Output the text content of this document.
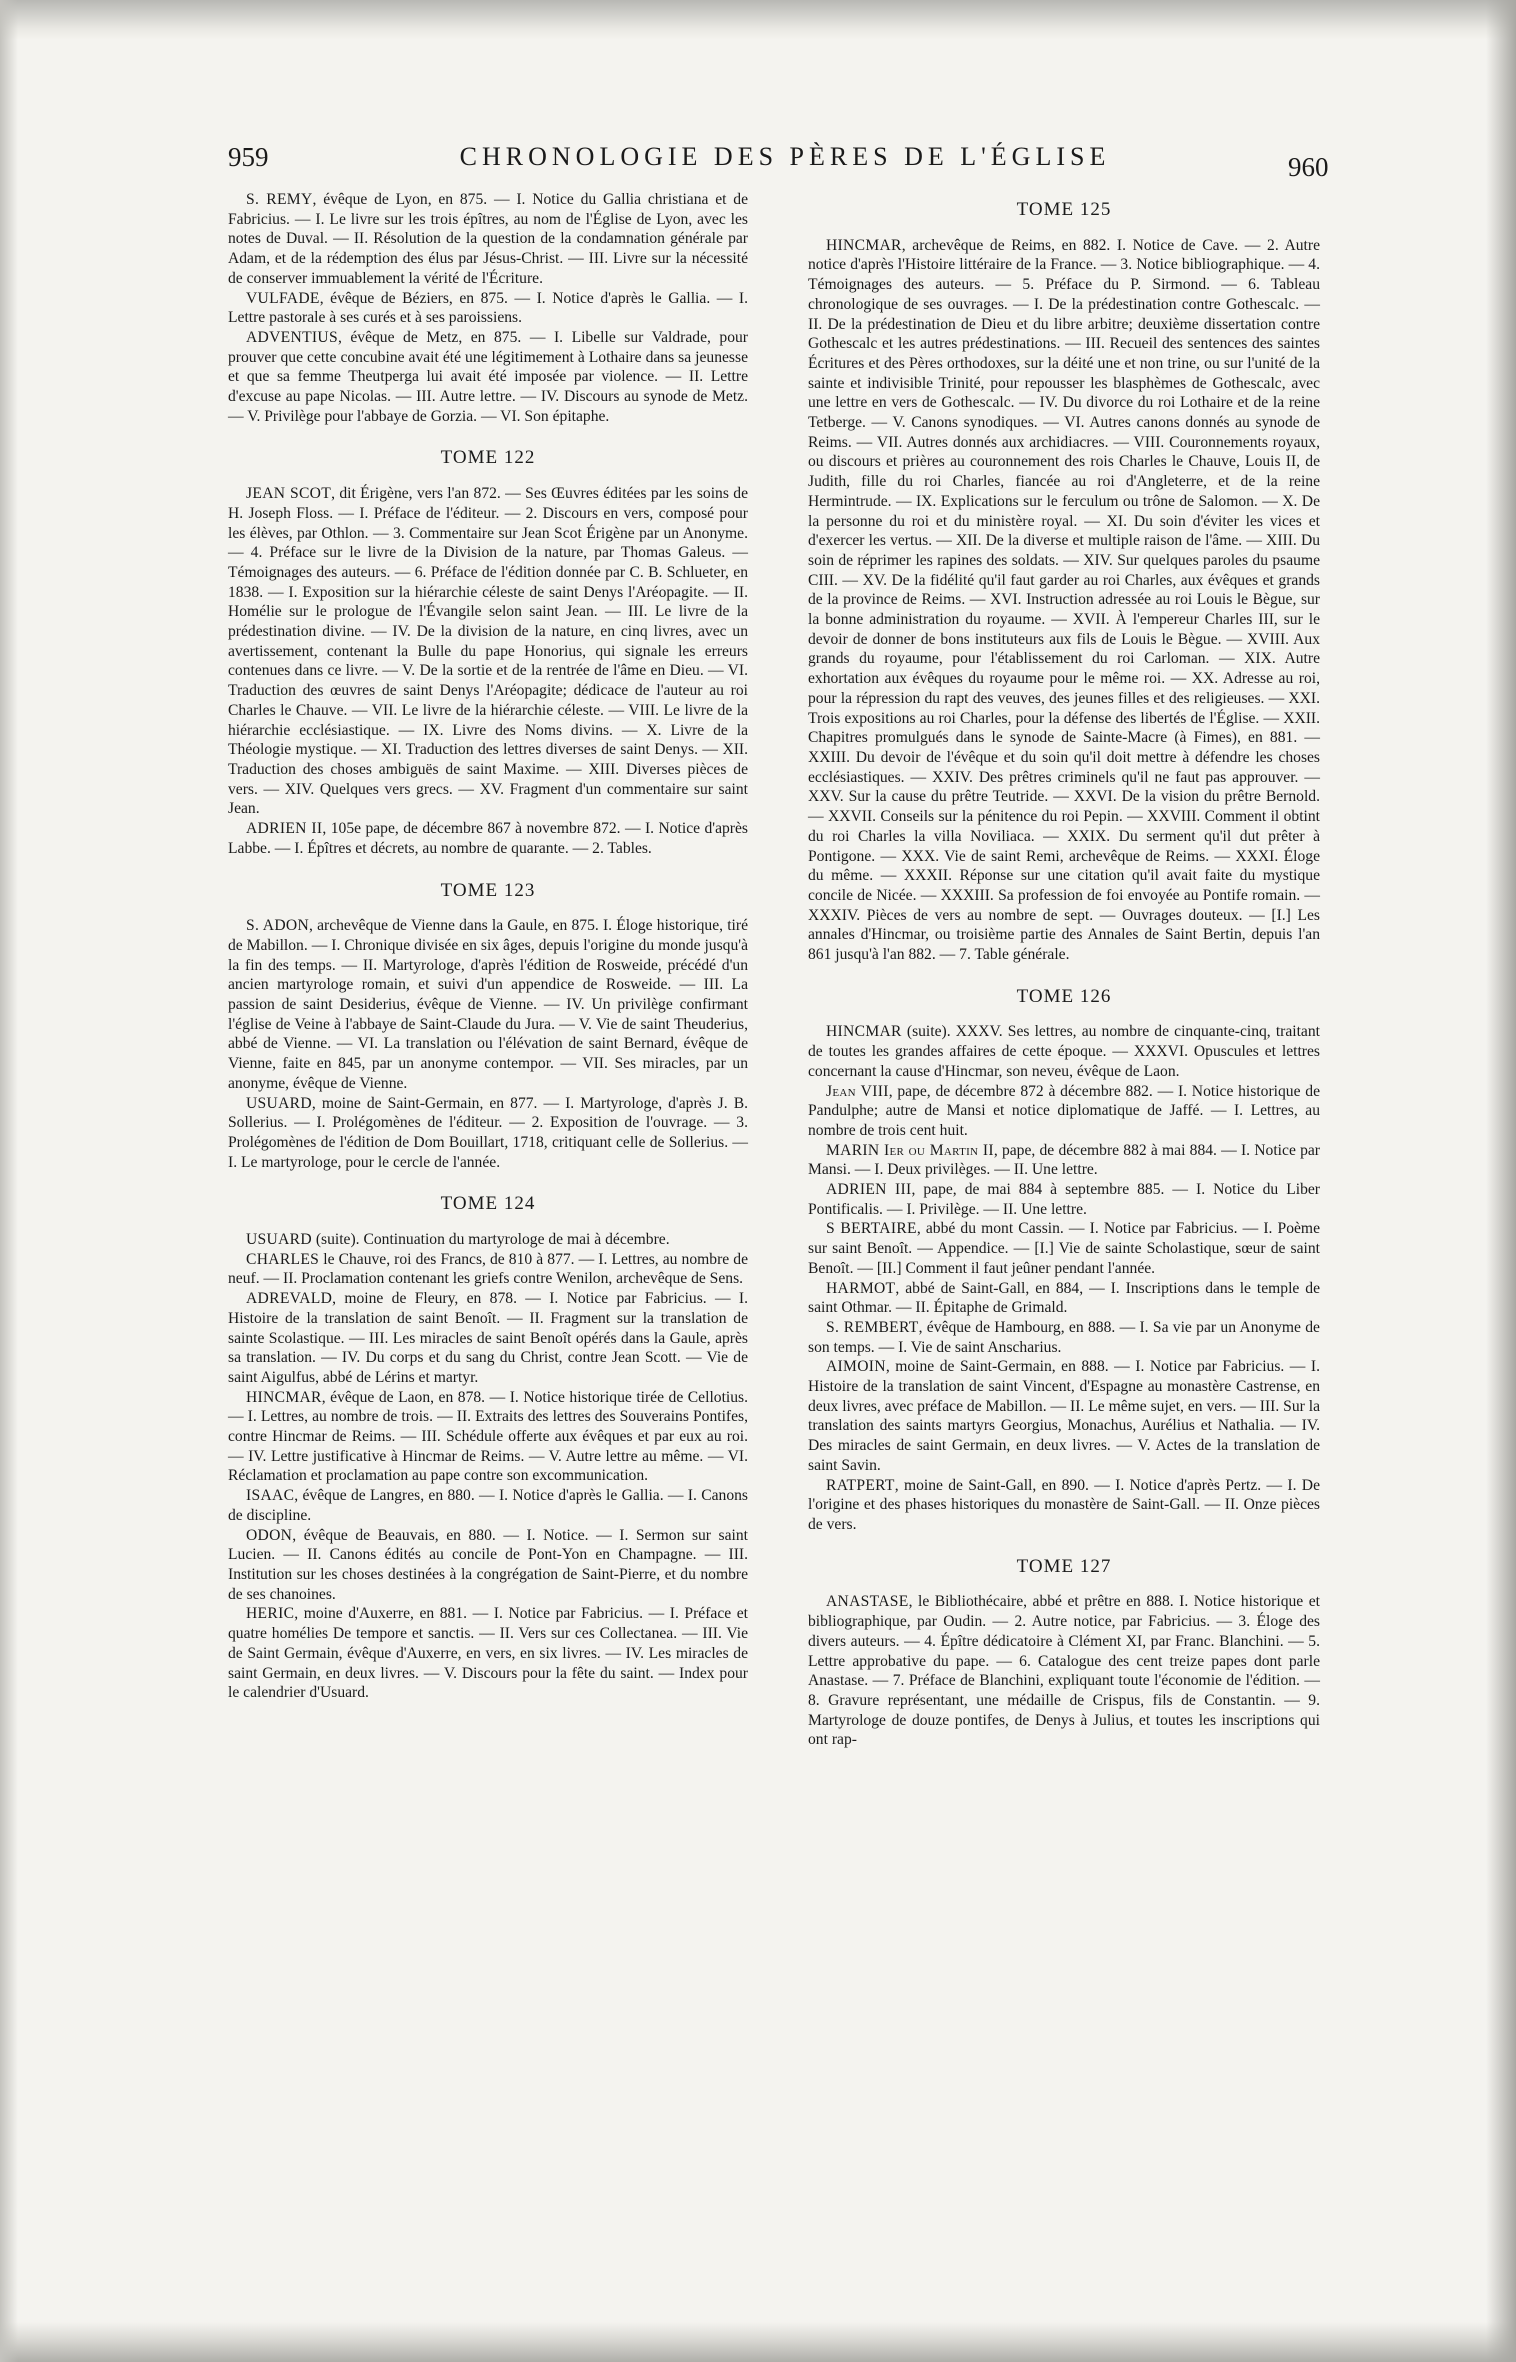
959	CHRONOLOGIE DES PÈRES DE L'ÉGLISE	960

S. REMY, évêque de Lyon, en 875. — I. Notice du Gallia christiana et de Fabricius. — I. Le livre sur les trois épîtres, au nom de l'Église de Lyon, avec les notes de Duval. — II. Résolution de la question de la condamnation générale par Adam, et de la rédemption des élus par Jésus-Christ. — III. Livre sur la nécessité de conserver immuablement la vérité de l'Écriture.

VULFADE, évêque de Béziers, en 875. — I. Notice d'après le Gallia. — I. Lettre pastorale à ses curés et à ses paroissiens.

ADVENTIUS, évêque de Metz, en 875. — I. Libelle sur Valdrade, pour prouver que cette concubine avait été une légitimement à Lothaire dans sa jeunesse et que sa femme Theutperga lui avait été imposée par violence. — II. Lettre d'excuse au pape Nicolas. — III. Autre lettre. — IV. Discours au synode de Metz. — V. Privilège pour l'abbaye de Gorzia. — VI. Son épitaphe.

TOME 122

JEAN SCOT, dit Érigène, vers l'an 872. — Ses Œuvres éditées par les soins de H. Joseph Floss. — I. Préface de l'éditeur. — 2. Discours en vers, composé pour les élèves, par Othlon. — 3. Commentaire sur Jean Scot Érigène par un Anonyme. — 4. Préface sur le livre de la Division de la nature, par Thomas Galeus. — Témoignages des auteurs. — 6. Préface de l'édition donnée par C. B. Schlueter, en 1838. — I. Exposition sur la hiérarchie céleste de saint Denys l'Aréopagite. — II. Homélie sur le prologue de l'Évangile selon saint Jean. — III. Le livre de la prédestination divine. — IV. De la division de la nature, en cinq livres, avec un avertissement, contenant la Bulle du pape Honorius, qui signale les erreurs contenues dans ce livre. — V. De la sortie et de la rentrée de l'âme en Dieu. — VI. Traduction des œuvres de saint Denys l'Aréopagite; dédicace de l'auteur au roi Charles le Chauve. — VII. Le livre de la hiérarchie céleste. — VIII. Le livre de la hiérarchie ecclésiastique. — IX. Livre des Noms divins. — X. Livre de la Théologie mystique. — XI. Traduction des lettres diverses de saint Denys. — XII. Traduction des choses ambiguës de saint Maxime. — XIII. Diverses pièces de vers. — XIV. Quelques vers grecs. — XV. Fragment d'un commentaire sur saint Jean.

ADRIEN II, 105e pape, de décembre 867 à novembre 872. — I. Notice d'après Labbe. — I. Épîtres et décrets, au nombre de quarante. — 2. Tables.

TOME 123

S. ADON, archevêque de Vienne dans la Gaule, en 875. I. Éloge historique, tiré de Mabillon. — I. Chronique divisée en six âges, depuis l'origine du monde jusqu'à la fin des temps. — II. Martyrologe, d'après l'édition de Rosweide, précédé d'un ancien martyrologe romain, et suivi d'un appendice de Rosweide. — III. La passion de saint Desiderius, évêque de Vienne. — IV. Un privilège confirmant l'église de Veine à l'abbaye de Saint-Claude du Jura. — V. Vie de saint Theuderius, abbé de Vienne. — VI. La translation ou l'élévation de saint Bernard, évêque de Vienne, faite en 845, par un anonyme contempor. — VII. Ses miracles, par un anonyme, évêque de Vienne.

USUARD, moine de Saint-Germain, en 877. — I. Martyrologe, d'après J. B. Sollerius. — I. Prolégomènes de l'éditeur. — 2. Exposition de l'ouvrage. — 3. Prolégomènes de l'édition de Dom Bouillart, 1718, critiquant celle de Sollerius. — I. Le martyrologe, pour le cercle de l'année.

TOME 124

USUARD (suite). Continuation du martyrologe de mai à décembre.

CHARLES le Chauve, roi des Francs, de 810 à 877. — I. Lettres, au nombre de neuf. — II. Proclamation contenant les griefs contre Wenilon, archevêque de Sens.

ADREVALD, moine de Fleury, en 878. — I. Notice par Fabricius. — I. Histoire de la translation de saint Benoît. — II. Fragment sur la translation de sainte Scolastique. — III. Les miracles de saint Benoît opérés dans la Gaule, après sa translation. — IV. Du corps et du sang du Christ, contre Jean Scott. — Vie de saint Aigulfus, abbé de Lérins et martyr.

HINCMAR, évêque de Laon, en 878. — I. Notice historique tirée de Cellotius. — I. Lettres, au nombre de trois. — II. Extraits des lettres des Souverains Pontifes, contre Hincmar de Reims. — III. Schédule offerte aux évêques et par eux au roi. — IV. Lettre justificative à Hincmar de Reims. — V. Autre lettre au même. — VI. Réclamation et proclamation au pape contre son excommunication.

ISAAC, évêque de Langres, en 880. — I. Notice d'après le Gallia. — I. Canons de discipline.

ODON, évêque de Beauvais, en 880. — I. Notice. — I. Sermon sur saint Lucien. — II. Canons édités au concile de Pont-Yon en Champagne. — III. Institution sur les choses destinées à la congrégation de Saint-Pierre, et du nombre de ses chanoines.

HERIC, moine d'Auxerre, en 881. — I. Notice par Fabricius. — I. Préface et quatre homélies De tempore et sanctis. — II. Vers sur ces Collectanea. — III. Vie de Saint Germain, évêque d'Auxerre, en vers, en six livres. — IV. Les miracles de saint Germain, en deux livres. — V. Discours pour la fête du saint. — Index pour le calendrier d'Usuard.

TOME 125

HINCMAR, archevêque de Reims, en 882. I. Notice de Cave. — 2. Autre notice d'après l'Histoire littéraire de la France. — 3. Notice bibliographique. — 4. Témoignages des auteurs. — 5. Préface du P. Sirmond. — 6. Tableau chronologique de ses ouvrages. — I. De la prédestination contre Gothescalc. — II. De la prédestination de Dieu et du libre arbitre; deuxième dissertation contre Gothescalc et les autres prédestinations. — III. Recueil des sentences des saintes Écritures et des Pères orthodoxes, sur la déité une et non trine, ou sur l'unité de la sainte et indivisible Trinité, pour repousser les blasphèmes de Gothescalc, avec une lettre en vers de Gothescalc. — IV. Du divorce du roi Lothaire et de la reine Tetberge. — V. Canons synodiques. — VI. Autres canons donnés au synode de Reims. — VII. Autres donnés aux archidiacres. — VIII. Couronnements royaux, ou discours et prières au couronnement des rois Charles le Chauve, Louis II, de Judith, fille du roi Charles, fiancée au roi d'Angleterre, et de la reine Hermintrude. — IX. Explications sur le ferculum ou trône de Salomon. — X. De la personne du roi et du ministère royal. — XI. Du soin d'éviter les vices et d'exercer les vertus. — XII. De la diverse et multiple raison de l'âme. — XIII. Du soin de réprimer les rapines des soldats. — XIV. Sur quelques paroles du psaume CIII. — XV. De la fidélité qu'il faut garder au roi Charles, aux évêques et grands de la province de Reims. — XVI. Instruction adressée au roi Louis le Bègue, sur la bonne administration du royaume. — XVII. À l'empereur Charles III, sur le devoir de donner de bons instituteurs aux fils de Louis le Bègue. — XVIII. Aux grands du royaume, pour l'établissement du roi Carloman. — XIX. Autre exhortation aux évêques du royaume pour le même roi. — XX. Adresse au roi, pour la répression du rapt des veuves, des jeunes filles et des religieuses. — XXI. Trois expositions au roi Charles, pour la défense des libertés de l'Église. — XXII. Chapitres promulgués dans le synode de Sainte-Macre (à Fimes), en 881. — XXIII. Du devoir de l'évêque et du soin qu'il doit mettre à défendre les choses ecclésiastiques. — XXIV. Des prêtres criminels qu'il ne faut pas approuver. — XXV. Sur la cause du prêtre Teutride. — XXVI. De la vision du prêtre Bernold. — XXVII. Conseils sur la pénitence du roi Pepin. — XXVIII. Comment il obtint du roi Charles la villa Noviliaca. — XXIX. Du serment qu'il dut prêter à Pontigone. — XXX. Vie de saint Remi, archevêque de Reims. — XXXI. Éloge du même. — XXXII. Réponse sur une citation qu'il avait faite du mystique concile de Nicée. — XXXIII. Sa profession de foi envoyée au Pontife romain. — XXXIV. Pièces de vers au nombre de sept. — Ouvrages douteux. — [I.] Les annales d'Hincmar, ou troisième partie des Annales de Saint Bertin, depuis l'an 861 jusqu'à l'an 882. — 7. Table générale.

TOME 126

HINCMAR (suite). XXXV. Ses lettres, au nombre de cinquante-cinq, traitant de toutes les grandes affaires de cette époque. — XXXVI. Opuscules et lettres concernant la cause d'Hincmar, son neveu, évêque de Laon.

Jean VIII, pape, de décembre 872 à décembre 882. — I. Notice historique de Pandulphe; autre de Mansi et notice diplomatique de Jaffé. — I. Lettres, au nombre de trois cent huit.

MARIN Ier ou Martin II, pape, de décembre 882 à mai 884. — I. Notice par Mansi. — I. Deux privilèges. — II. Une lettre.

ADRIEN III, pape, de mai 884 à septembre 885. — I. Notice du Liber Pontificalis. — I. Privilège. — II. Une lettre.

S BERTAIRE, abbé du mont Cassin. — I. Notice par Fabricius. — I. Poème sur saint Benoît. — Appendice. — [I.] Vie de sainte Scholastique, sœur de saint Benoît. — [II.] Comment il faut jeûner pendant l'année.

HARMOT, abbé de Saint-Gall, en 884, — I. Inscriptions dans le temple de saint Othmar. — II. Épitaphe de Grimald.

S. REMBERT, évêque de Hambourg, en 888. — I. Sa vie par un Anonyme de son temps. — I. Vie de saint Anscharius.

AIMOIN, moine de Saint-Germain, en 888. — I. Notice par Fabricius. — I. Histoire de la translation de saint Vincent, d'Espagne au monastère Castrense, en deux livres, avec préface de Mabillon. — II. Le même sujet, en vers. — III. Sur la translation des saints martyrs Georgius, Monachus, Aurélius et Nathalia. — IV. Des miracles de saint Germain, en deux livres. — V. Actes de la translation de saint Savin.

RATPERT, moine de Saint-Gall, en 890. — I. Notice d'après Pertz. — I. De l'origine et des phases historiques du monastère de Saint-Gall. — II. Onze pièces de vers.

TOME 127

ANASTASE, le Bibliothécaire, abbé et prêtre en 888. I. Notice historique et bibliographique, par Oudin. — 2. Autre notice, par Fabricius. — 3. Éloge des divers auteurs. — 4. Épître dédicatoire à Clément XI, par Franc. Blanchini. — 5. Lettre approbative du pape. — 6. Catalogue des cent treize papes dont parle Anastase. — 7. Préface de Blanchini, expliquant toute l'économie de l'édition. — 8. Gravure représentant, une médaille de Crispus, fils de Constantin. — 9. Martyrologe de douze pontifes, de Denys à Julius, et toutes les inscriptions qui ont rap-
